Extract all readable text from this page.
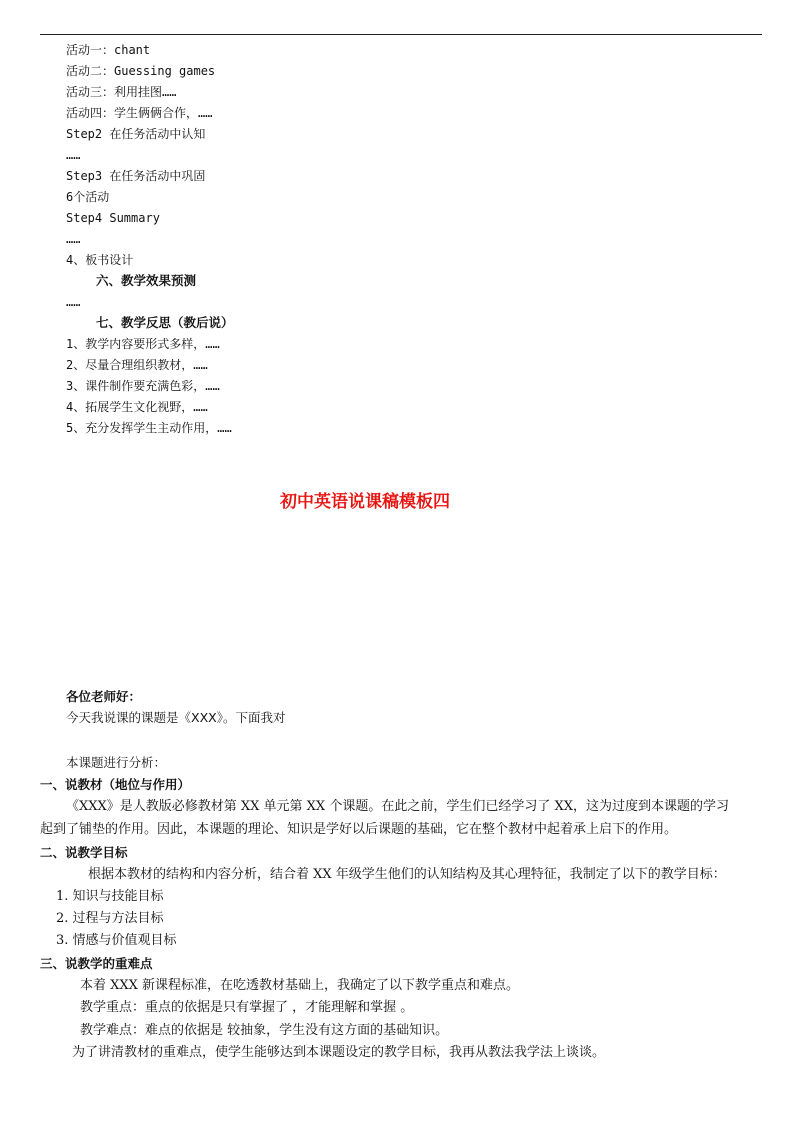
活动一：chant
活动二：Guessing games
活动三：利用挂图……
活动四：学生俩俩合作，……
Step2 在任务活动中认知
……
Step3 在任务活动中巩固
6个活动
Step4 Summary
……
4、板书设计
六、教学效果预测
……
七、教学反思（教后说）
1、教学内容要形式多样，……
2、尽量合理组织教材，……
3、课件制作要充满色彩，……
4、拓展学生文化视野，……
5、充分发挥学生主动作用，……
初中英语说课稿模板四
各位老师好：
今天我说课的课题是《XXX》。下面我对
本课题进行分析：
一、说教材（地位与作用）
《XXX》是人教版必修教材第 XX 单元第 XX 个课题。在此之前，学生们已经学习了 XX，这为过度到本课题的学习
起到了铺垫的作用。因此，本课题的理论、知识是学好以后课题的基础，它在整个教材中起着承上启下的作用。
二、说教学目标
根据本教材的结构和内容分析，结合着 XX 年级学生他们的认知结构及其心理特征，我制定了以下的教学目标：
1. 知识与技能目标
2. 过程与方法目标
3. 情感与价值观目标
三、说教学的重难点
本着 XXX 新课程标准，在吃透教材基础上，我确定了以下教学重点和难点。
教学重点：重点的依据是只有掌握了 ，才能理解和掌握 。
教学难点：难点的依据是 较抽象，学生没有这方面的基础知识。
为了讲清教材的重难点，使学生能够达到本课题设定的教学目标，我再从教法我学法上谈谈。
